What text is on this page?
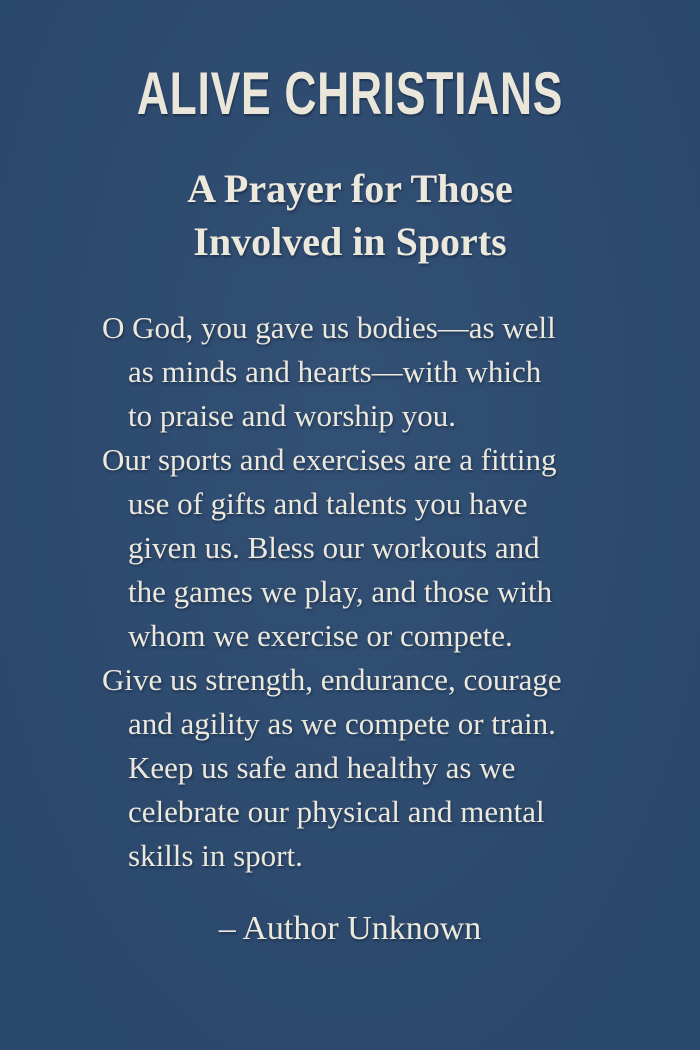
ALIVE CHRISTIANS
A Prayer for Those
Involved in Sports
O God, you gave us bodies—as well
as minds and hearts—with which
to praise and worship you.
Our sports and exercises are a fitting
use of gifts and talents you have
given us. Bless our workouts and
the games we play, and those with
whom we exercise or compete.
Give us strength, endurance, courage
and agility as we compete or train.
Keep us safe and healthy as we
celebrate our physical and mental
skills in sport.
– Author Unknown
